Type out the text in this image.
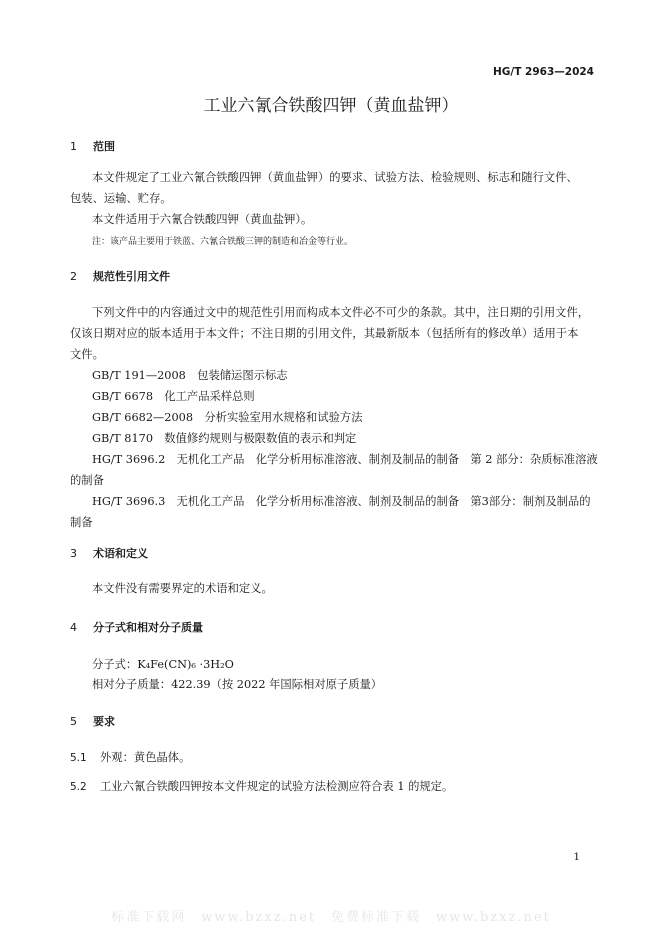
HG/T 2963—2024
工业六氰合铁酸四钾（黄血盐钾）
1 范围
本文件规定了工业六氰合铁酸四钾（黄血盐钾）的要求、试验方法、检验规则、标志和随行文件、
包装、运输、贮存。
本文件适用于六氰合铁酸四钾（黄血盐钾）。
注：该产品主要用于铁蓝、六氰合铁酸三钾的制造和冶金等行业。
2 规范性引用文件
下列文件中的内容通过文中的规范性引用而构成本文件必不可少的条款。其中，注日期的引用文件，
仅该日期对应的版本适用于本文件；不注日期的引用文件，其最新版本（包括所有的修改单）适用于本
文件。
GB/T 191—2008　包装储运图示标志
GB/T 6678　化工产品采样总则
GB/T 6682—2008　分析实验室用水规格和试验方法
GB/T 8170　数值修约规则与极限数值的表示和判定
HG/T 3696.2　无机化工产品　化学分析用标准溶液、制剂及制品的制备　第 2 部分：杂质标准溶液
的制备
HG/T 3696.3　无机化工产品　化学分析用标准溶液、制剂及制品的制备　第3部分：制剂及制品的
制备
3 术语和定义
本文件没有需要界定的术语和定义。
4 分子式和相对分子质量
分子式：K₄Fe(CN)₆ ·3H₂O
相对分子质量：422.39（按 2022 年国际相对原子质量）
5 要求
5.1 外观：黄色晶体。
5.2 工业六氰合铁酸四钾按本文件规定的试验方法检测应符合表 1 的规定。
1
标准下载网　www.bzxz.net　免费标准下载　www.bzxz.net
